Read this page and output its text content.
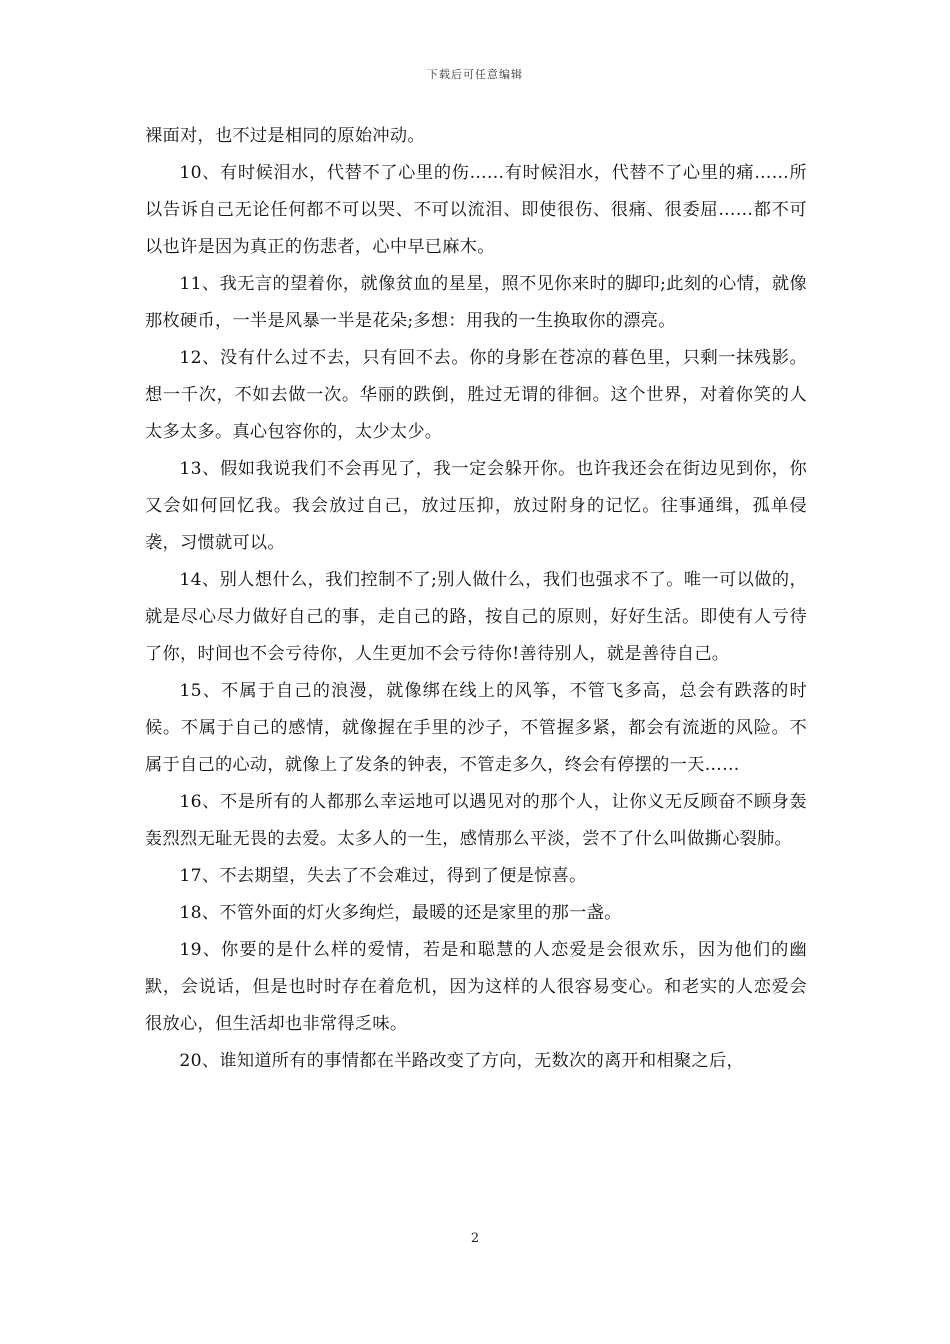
下载后可任意编辑

裸面对，也不过是相同的原始冲动。

10、有时候泪水，代替不了心里的伤……有时候泪水，代替不了心里的痛……所以告诉自己无论任何都不可以哭、不可以流泪、即使很伤、很痛、很委屈……都不可以也许是因为真正的伤悲者，心中早已麻木。

11、我无言的望着你，就像贫血的星星，照不见你来时的脚印;此刻的心情，就像那枚硬币，一半是风暴一半是花朵;多想：用我的一生换取你的漂亮。

12、没有什么过不去，只有回不去。你的身影在苍凉的暮色里，只剩一抹残影。想一千次，不如去做一次。华丽的跌倒，胜过无谓的徘徊。这个世界，对着你笑的人太多太多。真心包容你的，太少太少。

13、假如我说我们不会再见了，我一定会躲开你。也许我还会在街边见到你，你又会如何回忆我。我会放过自己，放过压抑，放过附身的记忆。往事通缉，孤单侵袭，习惯就可以。

14、别人想什么，我们控制不了;别人做什么，我们也强求不了。唯一可以做的，就是尽心尽力做好自己的事，走自己的路，按自己的原则，好好生活。即使有人亏待了你，时间也不会亏待你，人生更加不会亏待你!善待别人，就是善待自己。

15、不属于自己的浪漫，就像绑在线上的风筝，不管飞多高，总会有跌落的时候。不属于自己的感情，就像握在手里的沙子，不管握多紧，都会有流逝的风险。不属于自己的心动，就像上了发条的钟表，不管走多久，终会有停摆的一天……

16、不是所有的人都那么幸运地可以遇见对的那个人，让你义无反顾奋不顾身轰轰烈烈无耻无畏的去爱。太多人的一生，感情那么平淡，尝不了什么叫做撕心裂肺。

17、不去期望，失去了不会难过，得到了便是惊喜。

18、不管外面的灯火多绚烂，最暖的还是家里的那一盏。

19、你要的是什么样的爱情，若是和聪慧的人恋爱是会很欢乐，因为他们的幽默，会说话，但是也时时存在着危机，因为这样的人很容易变心。和老实的人恋爱会很放心，但生活却也非常得乏味。

20、谁知道所有的事情都在半路改变了方向，无数次的离开和相聚之后，

2
